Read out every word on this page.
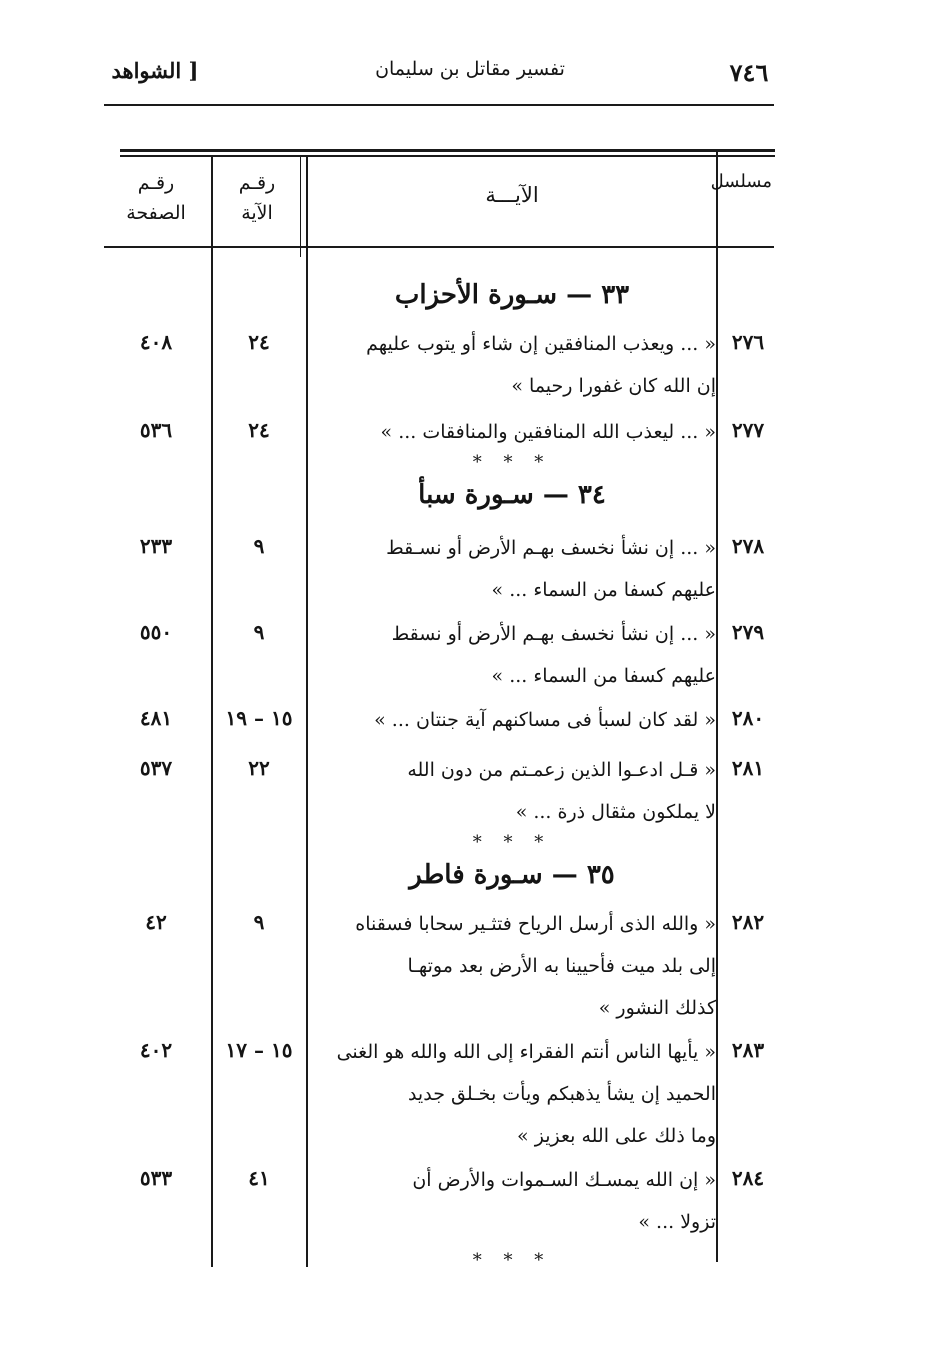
٧٤٦
تفسير مقاتل بن سليمان
[ الشواهد
مسلسل
الآيـــة
رقـم
الآية
رقـم
الصفحة
٣٣ — سـورة الأحزاب
٢٧٦
« ... ويعذب المنافقين إن شاء أو يتوب عليهم
إن الله كان غفورا رحيما »
٢٤
٤٠٨
٢٧٧
« ... ليعذب الله المنافقين والمنافقات ... »
٢٤
٥٣٦
* * *
٣٤ — سـورة سبأ
٢٧٨
« ... إن نشأ نخسف بهـم الأرض أو نسـقط
عليهم كسفا من السماء ... »
٩
٢٣٣
٢٧٩
« ... إن نشأ نخسف بهـم الأرض أو نسقط
عليهم كسفا من السماء ... »
٩
٥٥٠
٢٨٠
« لقد كان لسبأ فى مساكنهم آية جنتان ... »
١٥ – ١٩
٤٨١
٢٨١
« قـل ادعـوا الذين زعمـتم من دون الله
لا يملكون مثقال ذرة ... »
٢٢
٥٣٧
* * *
٣٥ — سـورة فاطر
٢٨٢
« والله الذى أرسل الرياح فتثـير سحابا فسقناه
إلى بلد ميت فأحيينا به الأرض بعد موتهـا
كذلك النشور »
٩
٤٢
٢٨٣
« يأيها الناس أنتم الفقراء إلى الله والله هو الغنى
الحميد إن يشأ يذهبكم ويأت بخـلق جديد
وما ذلك على الله بعزيز »
١٥ – ١٧
٤٠٢
٢٨٤
« إن الله يمسـك السـموات والأرض أن
تزولا ... »
٤١
٥٣٣
* * *
